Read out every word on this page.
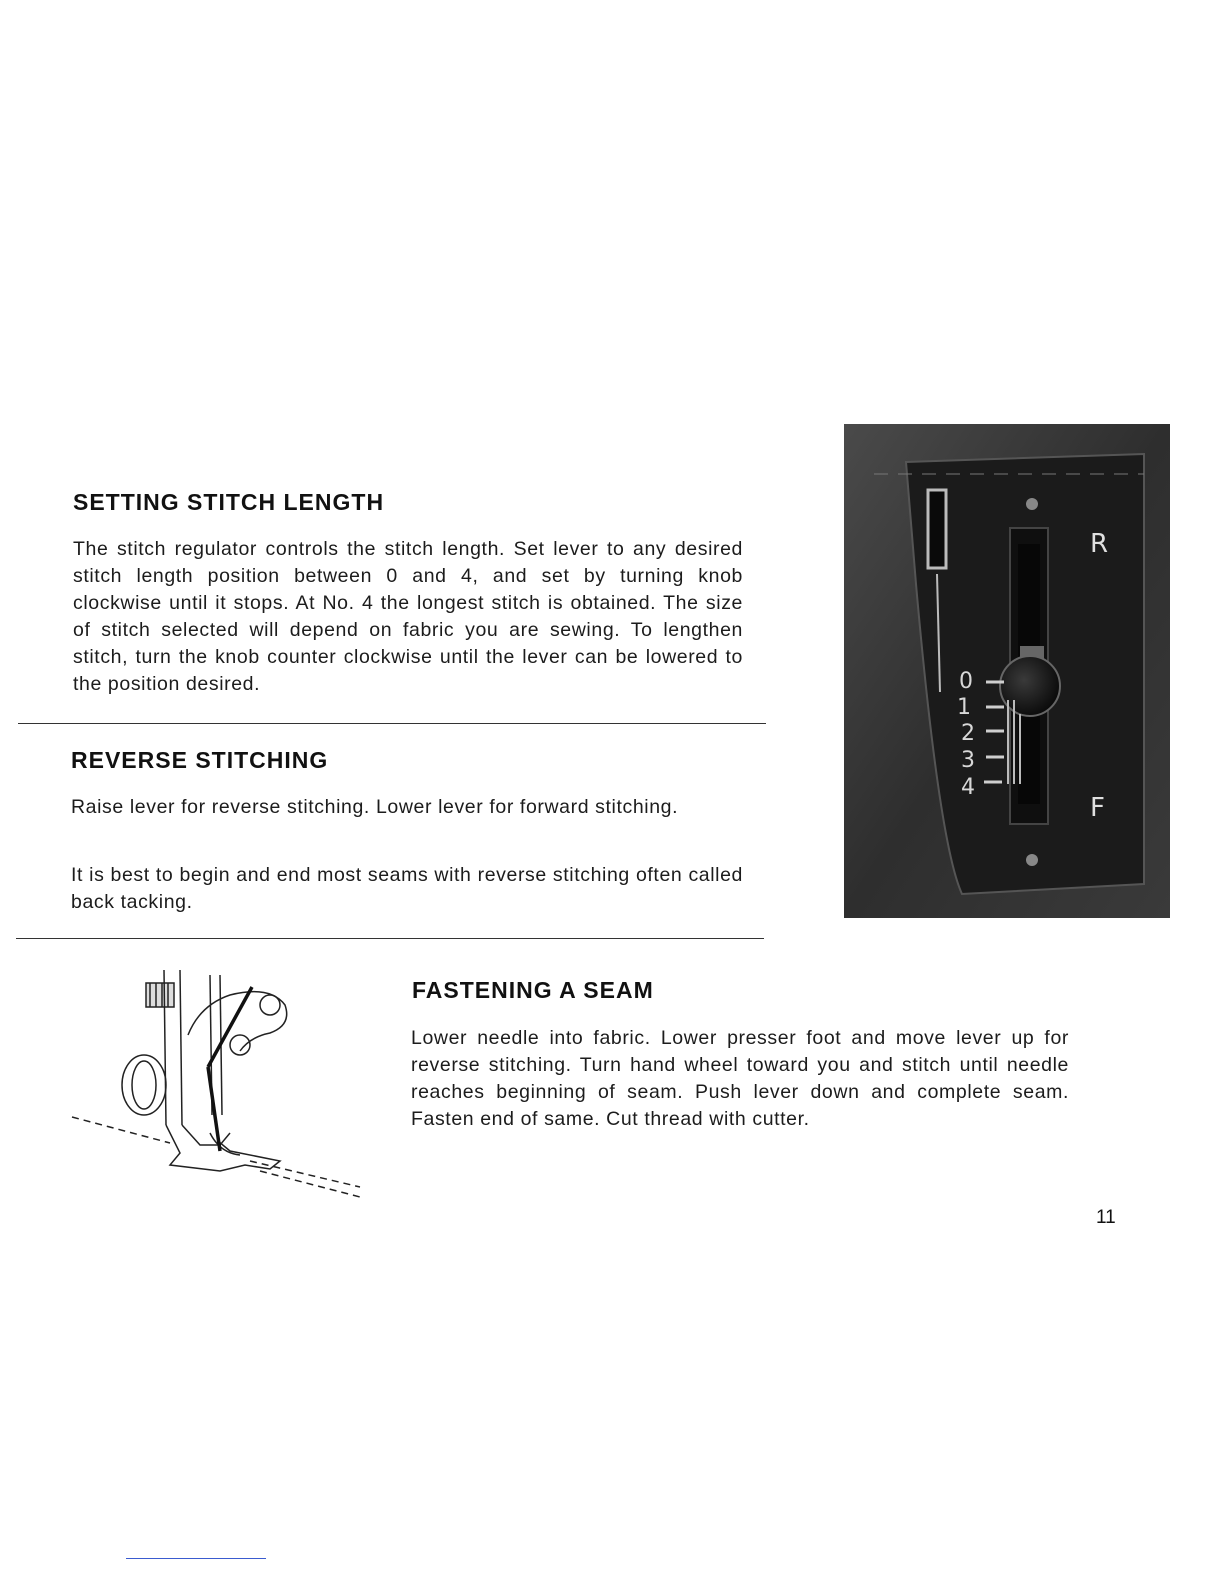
SETTING STITCH LENGTH

The stitch regulator controls the stitch length. Set lever to any desired stitch length position between 0 and 4, and set by turning knob clockwise until it stops. At No. 4 the longest stitch is obtained. The size of stitch selected will depend on fabric you are sewing. To lengthen stitch, turn the knob counter clockwise until the lever can be lowered to the position desired.

REVERSE STITCHING

Raise lever for reverse stitching. Lower lever for forward stitching.

It is best to begin and end most seams with reverse stitching often called back tacking.

FASTENING A SEAM

Lower needle into fabric. Lower presser foot and move lever up for reverse stitching. Turn hand wheel toward you and stitch until needle reaches beginning of seam. Push lever down and complete seam. Fasten end of same. Cut thread with cutter.

0
1
2
3
4
R
F
11
